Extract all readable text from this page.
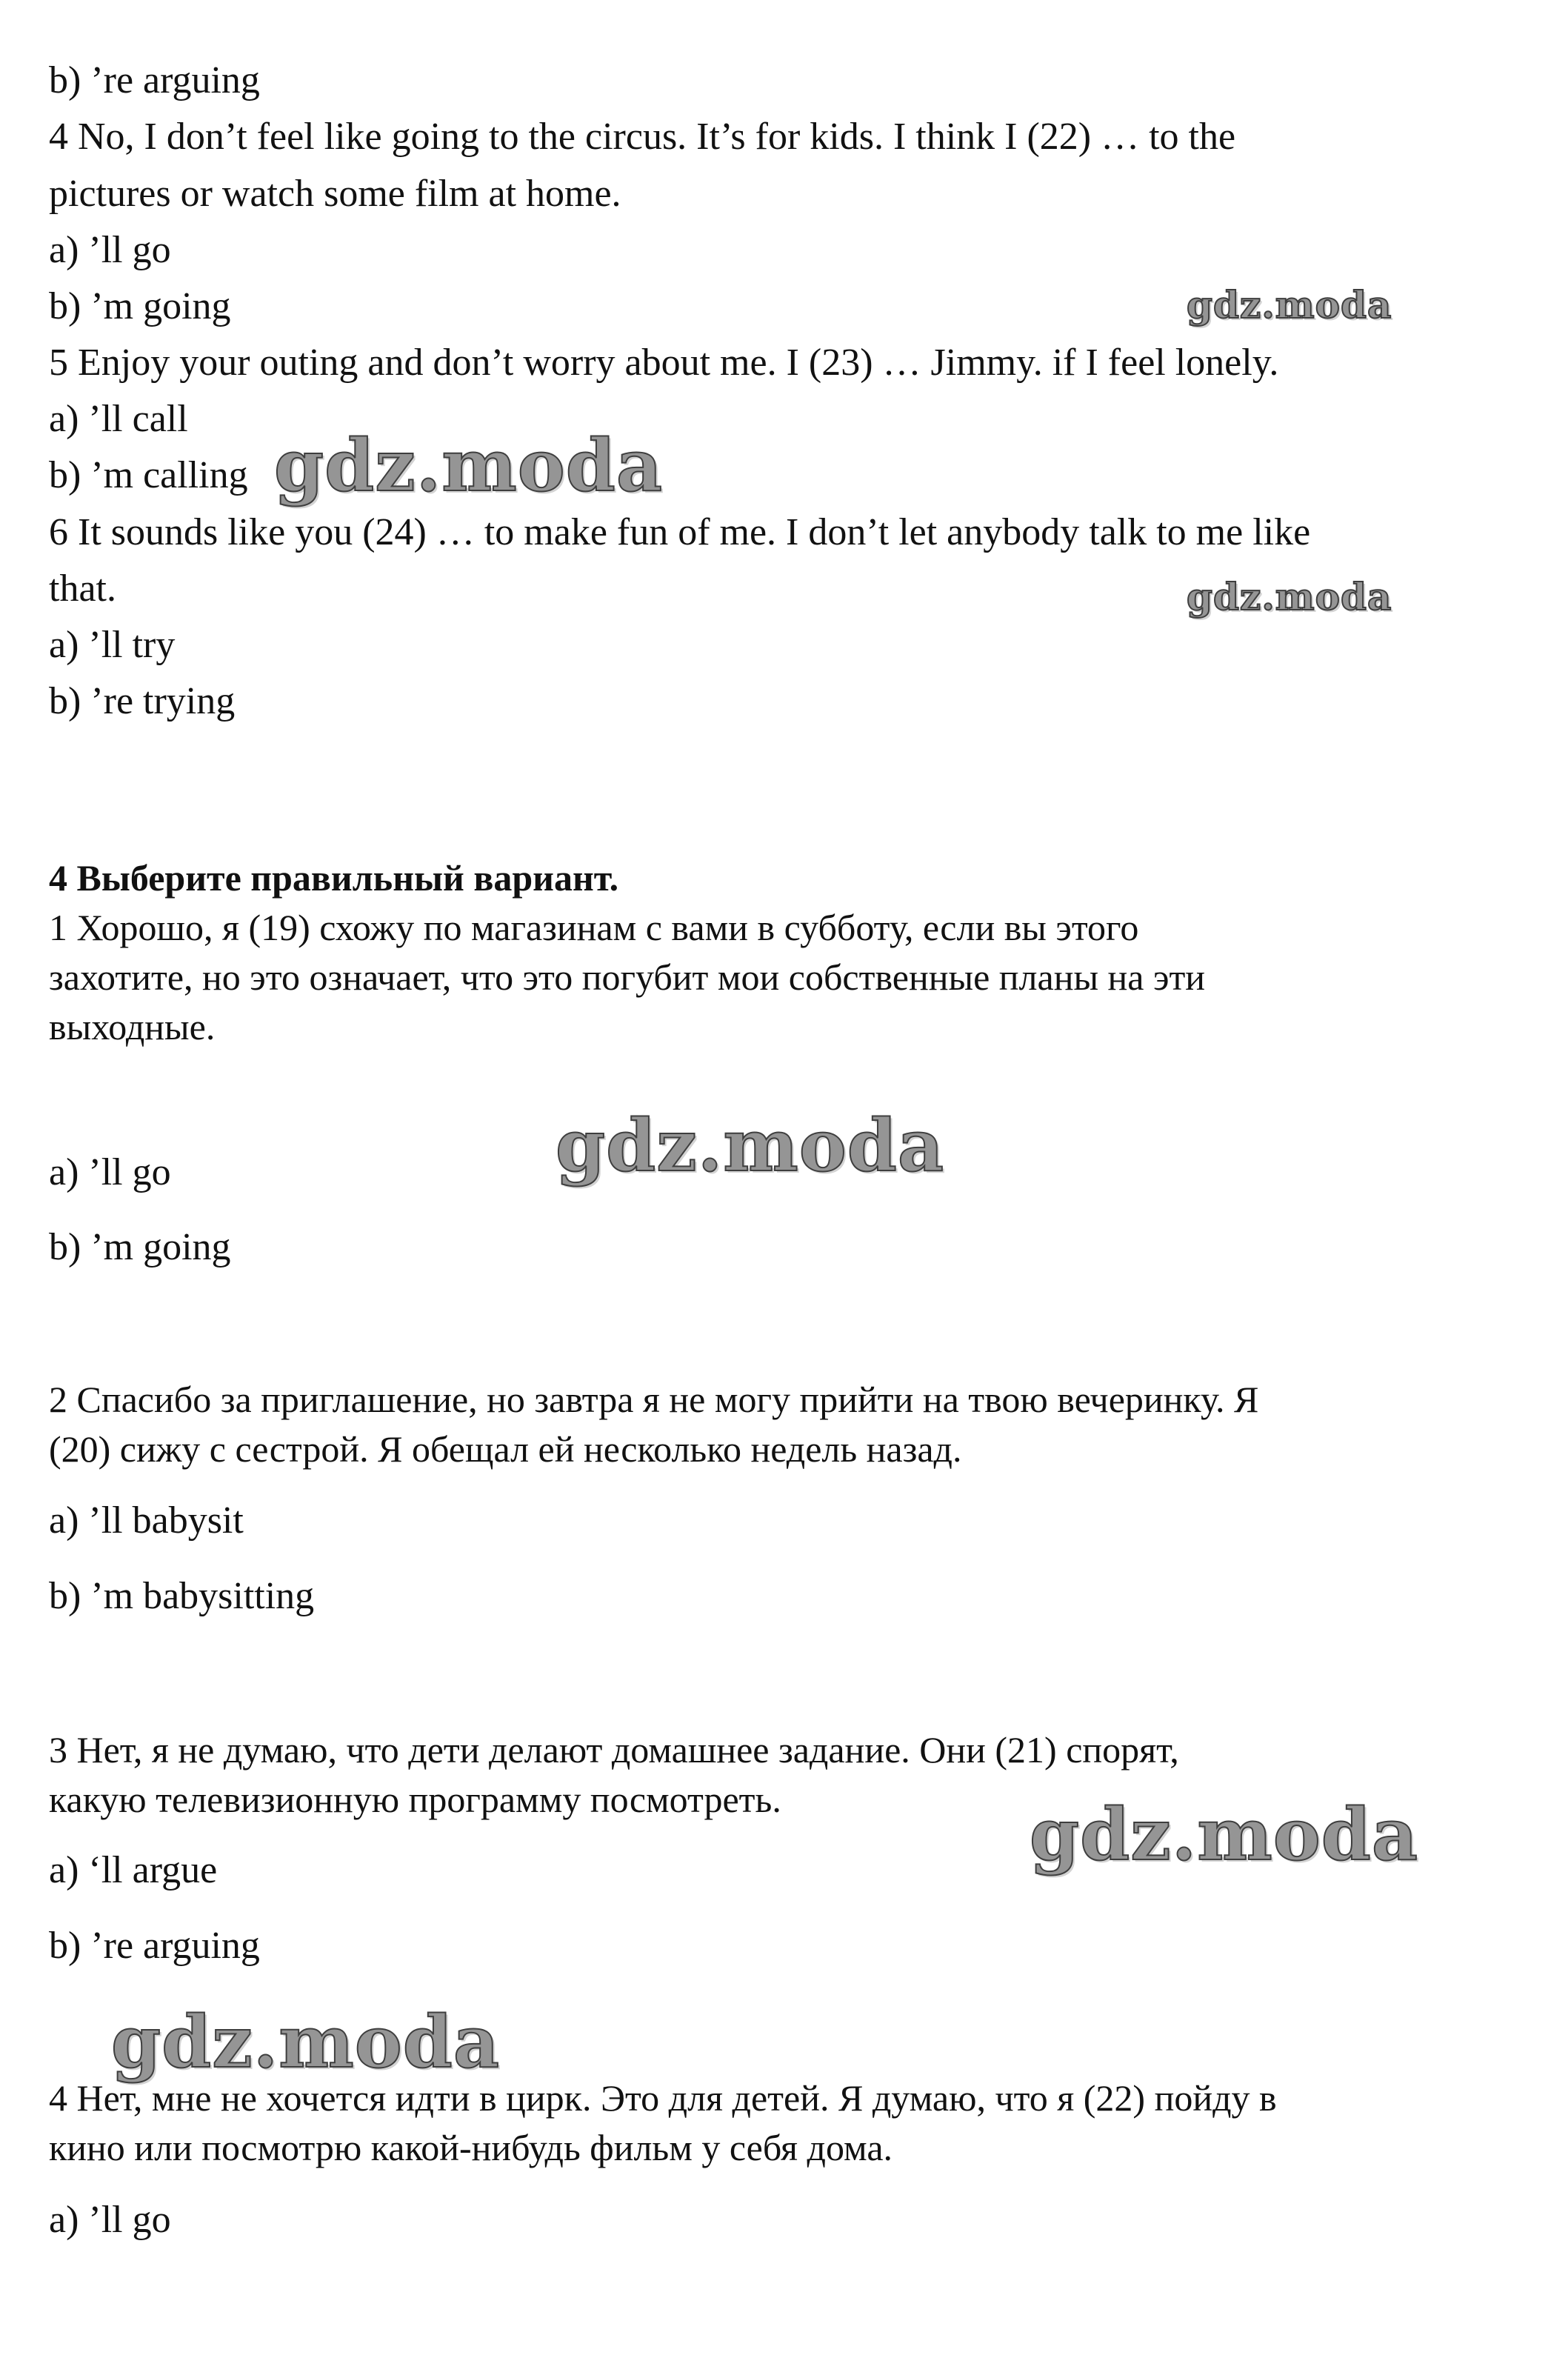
b) ’re arguing
4 No, I don’t feel like going to the circus. It’s for kids. I think I (22) … to the
pictures or watch some film at home.
a) ’ll go
b) ’m going
5 Enjoy your outing and don’t worry about me. I (23) … Jimmy. if I feel lonely.
a) ’ll call
b) ’m calling
6 It sounds like you (24) … to make fun of me. I don’t let anybody talk to me like
that.
a) ’ll try
b) ’re trying
4 Выберите правильный вариант.
1 Хорошо, я (19) схожу по магазинам с вами в субботу, если вы этого
захотите, но это означает, что это погубит мои собственные планы на эти
выходные.
a) ’ll go
b) ’m going
2 Спасибо за приглашение, но завтра я не могу прийти на твою вечеринку. Я
(20) сижу с сестрой. Я обещал ей несколько недель назад.
a) ’ll babysit
b) ’m babysitting
3 Нет, я не думаю, что дети делают домашнее задание. Они (21) спорят,
какую телевизионную программу посмотреть.
a) ‘ll argue
b) ’re arguing
4 Нет, мне не хочется идти в цирк. Это для детей. Я думаю, что я (22) пойду в
кино или посмотрю какой-нибудь фильм у себя дома.
a) ’ll go
gdz.moda
gdz.moda
gdz.moda
gdz.moda
gdz.moda
gdz.moda
